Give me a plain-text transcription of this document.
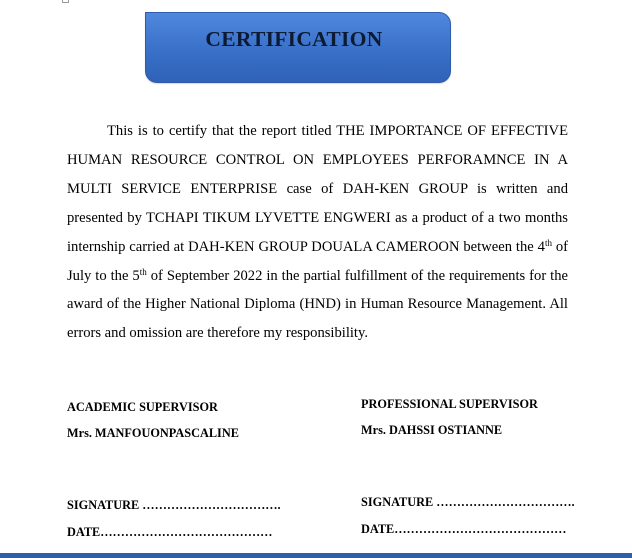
CERTIFICATION

This is to certify that the report titled THE IMPORTANCE OF EFFECTIVE HUMAN RESOURCE CONTROL ON EMPLOYEES PERFORAMNCE IN A MULTI SERVICE ENTERPRISE case of DAH-KEN GROUP is written and presented by TCHAPI TIKUM LYVETTE ENGWERI as a product of a two months internship carried at DAH-KEN GROUP DOUALA CAMEROON between the 4th of July to the 5th of September 2022 in the partial fulfillment of the requirements for the award of the Higher National Diploma (HND) in Human Resource Management. All errors and omission are therefore my responsibility.

ACADEMIC SUPERVISOR
Mrs. MANFOUONPASCALINE
SIGNATURE …………………………….
DATE……………………………………
PROFESSIONAL SUPERVISOR
Mrs. DAHSSI OSTIANNE
SIGNATURE …………………………….
DATE……………………………………
